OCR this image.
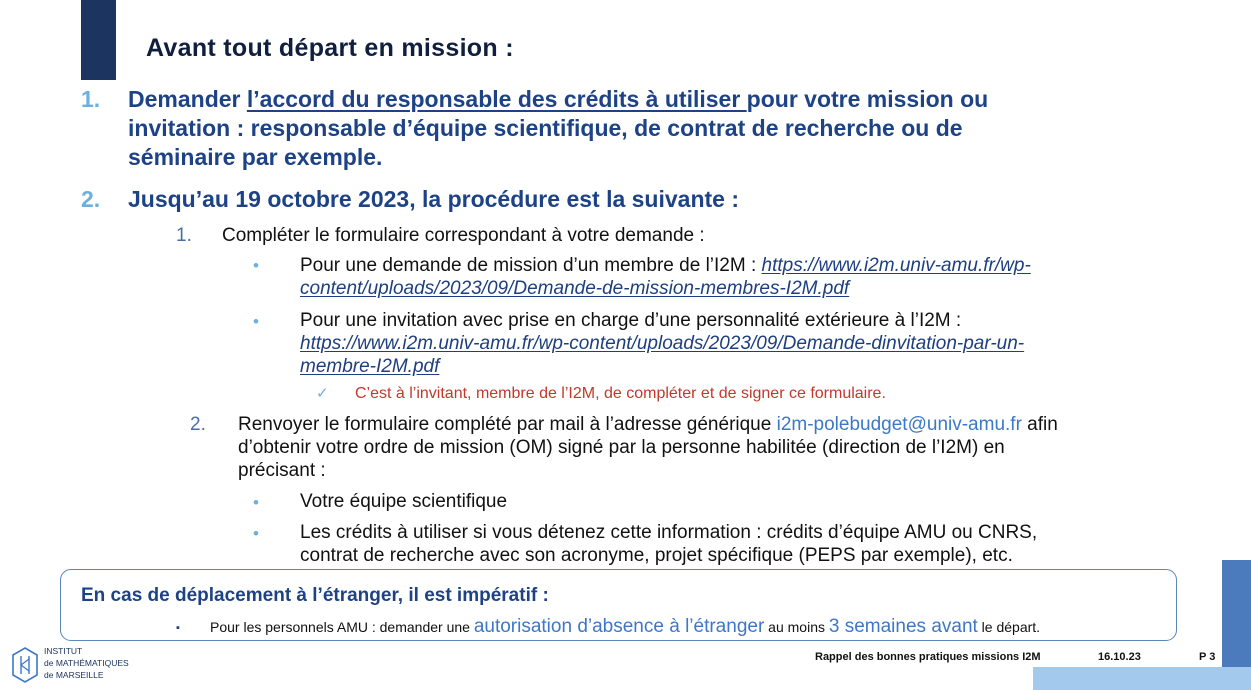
Avant tout départ en mission :
1. Demander l’accord du responsable des crédits à utiliser pour votre mission ou
invitation : responsable d’équipe scientifique, de contrat de recherche ou de
séminaire par exemple.
2. Jusqu’au 19 octobre 2023, la procédure est la suivante :
1. Compléter le formulaire correspondant à votre demande :
• Pour une demande de mission d’un membre de l’I2M : https://www.i2m.univ-amu.fr/wp-
content/uploads/2023/09/Demande-de-mission-membres-I2M.pdf
• Pour une invitation avec prise en charge d’une personnalité extérieure à l’I2M :
https://www.i2m.univ-amu.fr/wp-content/uploads/2023/09/Demande-dinvitation-par-un-
membre-I2M.pdf
✓ C’est à l’invitant, membre de l’I2M, de compléter et de signer ce formulaire.
2. Renvoyer le formulaire complété par mail à l’adresse générique i2m-polebudget@univ-amu.fr afin
d’obtenir votre ordre de mission (OM) signé par la personne habilitée (direction de l’I2M) en
précisant :
• Votre équipe scientifique
• Les crédits à utiliser si vous détenez cette information : crédits d’équipe AMU ou CNRS,
contrat de recherche avec son acronyme, projet spécifique (PEPS par exemple), etc.
En cas de déplacement à l’étranger, il est impératif :
▪ Pour les personnels AMU : demander une autorisation d’absence à l’étranger au moins 3 semaines avant le départ.
INSTITUT
de MATHÉMATIQUES
de MARSEILLE
Rappel des bonnes pratiques missions I2M	16.10.23	P 3
